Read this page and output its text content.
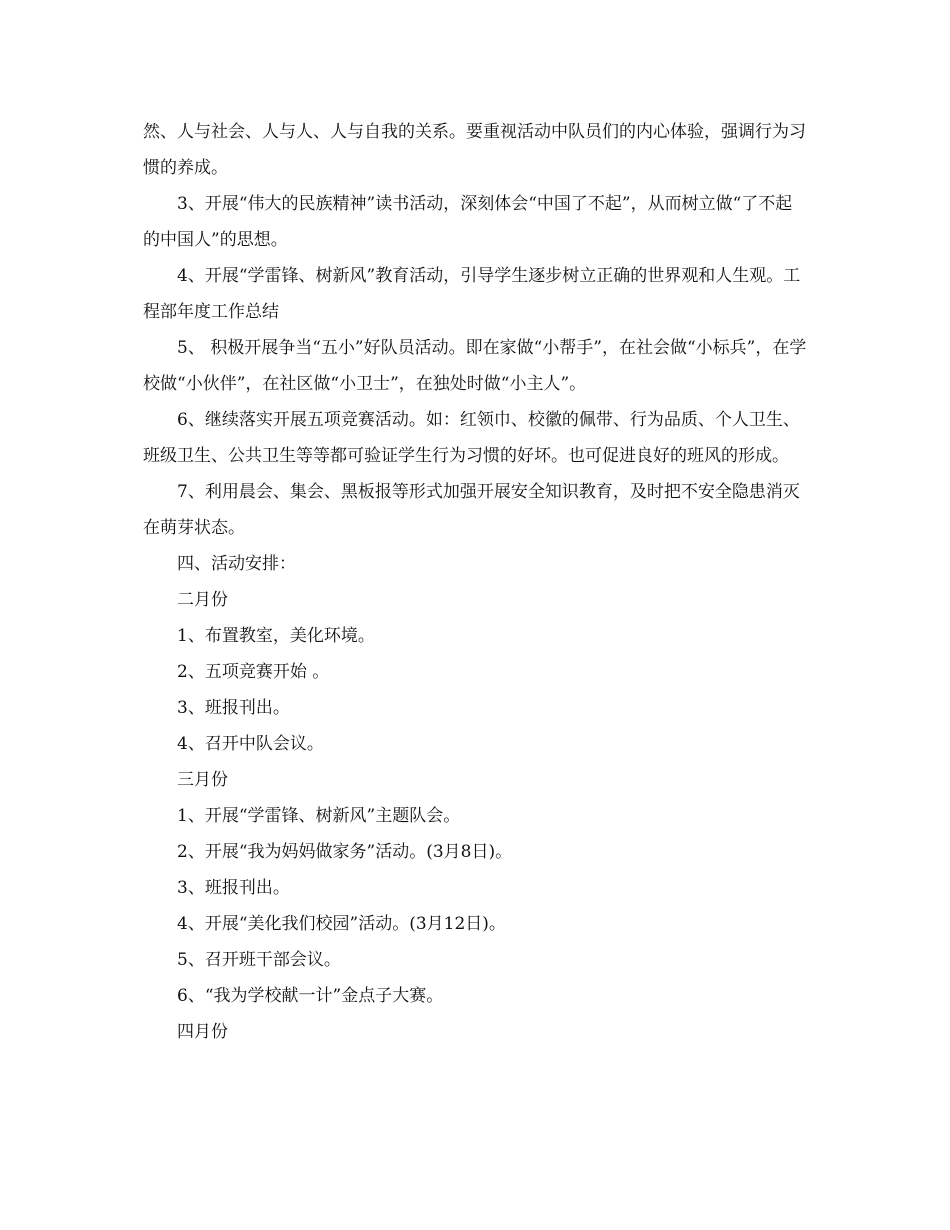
然、人与社会、人与人、人与自我的关系。要重视活动中队员们的内心体验，强调行为习惯的养成。

3、开展“伟大的民族精神”读书活动，深刻体会“中国了不起”，从而树立做“了不起的中国人”的思想。

4、开展“学雷锋、树新风”教育活动，引导学生逐步树立正确的世界观和人生观。工程部年度工作总结

5、 积极开展争当“五小”好队员活动。即在家做“小帮手”，在社会做“小标兵”，在学校做“小伙伴”，在社区做“小卫士”，在独处时做“小主人”。

6、继续落实开展五项竞赛活动。如：红领巾、校徽的佩带、行为品质、个人卫生、班级卫生、公共卫生等等都可验证学生行为习惯的好坏。也可促进良好的班风的形成。

7、利用晨会、集会、黑板报等形式加强开展安全知识教育，及时把不安全隐患消灭在萌芽状态。

四、活动安排：

二月份

1、布置教室，美化环境。

2、五项竞赛开始 。

3、班报刊出。

4、召开中队会议。

三月份

1、开展“学雷锋、树新风”主题队会。

2、开展“我为妈妈做家务”活动。(3月8日)。

3、班报刊出。

4、开展“美化我们校园”活动。(3月12日)。

5、召开班干部会议。

6、“我为学校献一计”金点子大赛。

四月份
